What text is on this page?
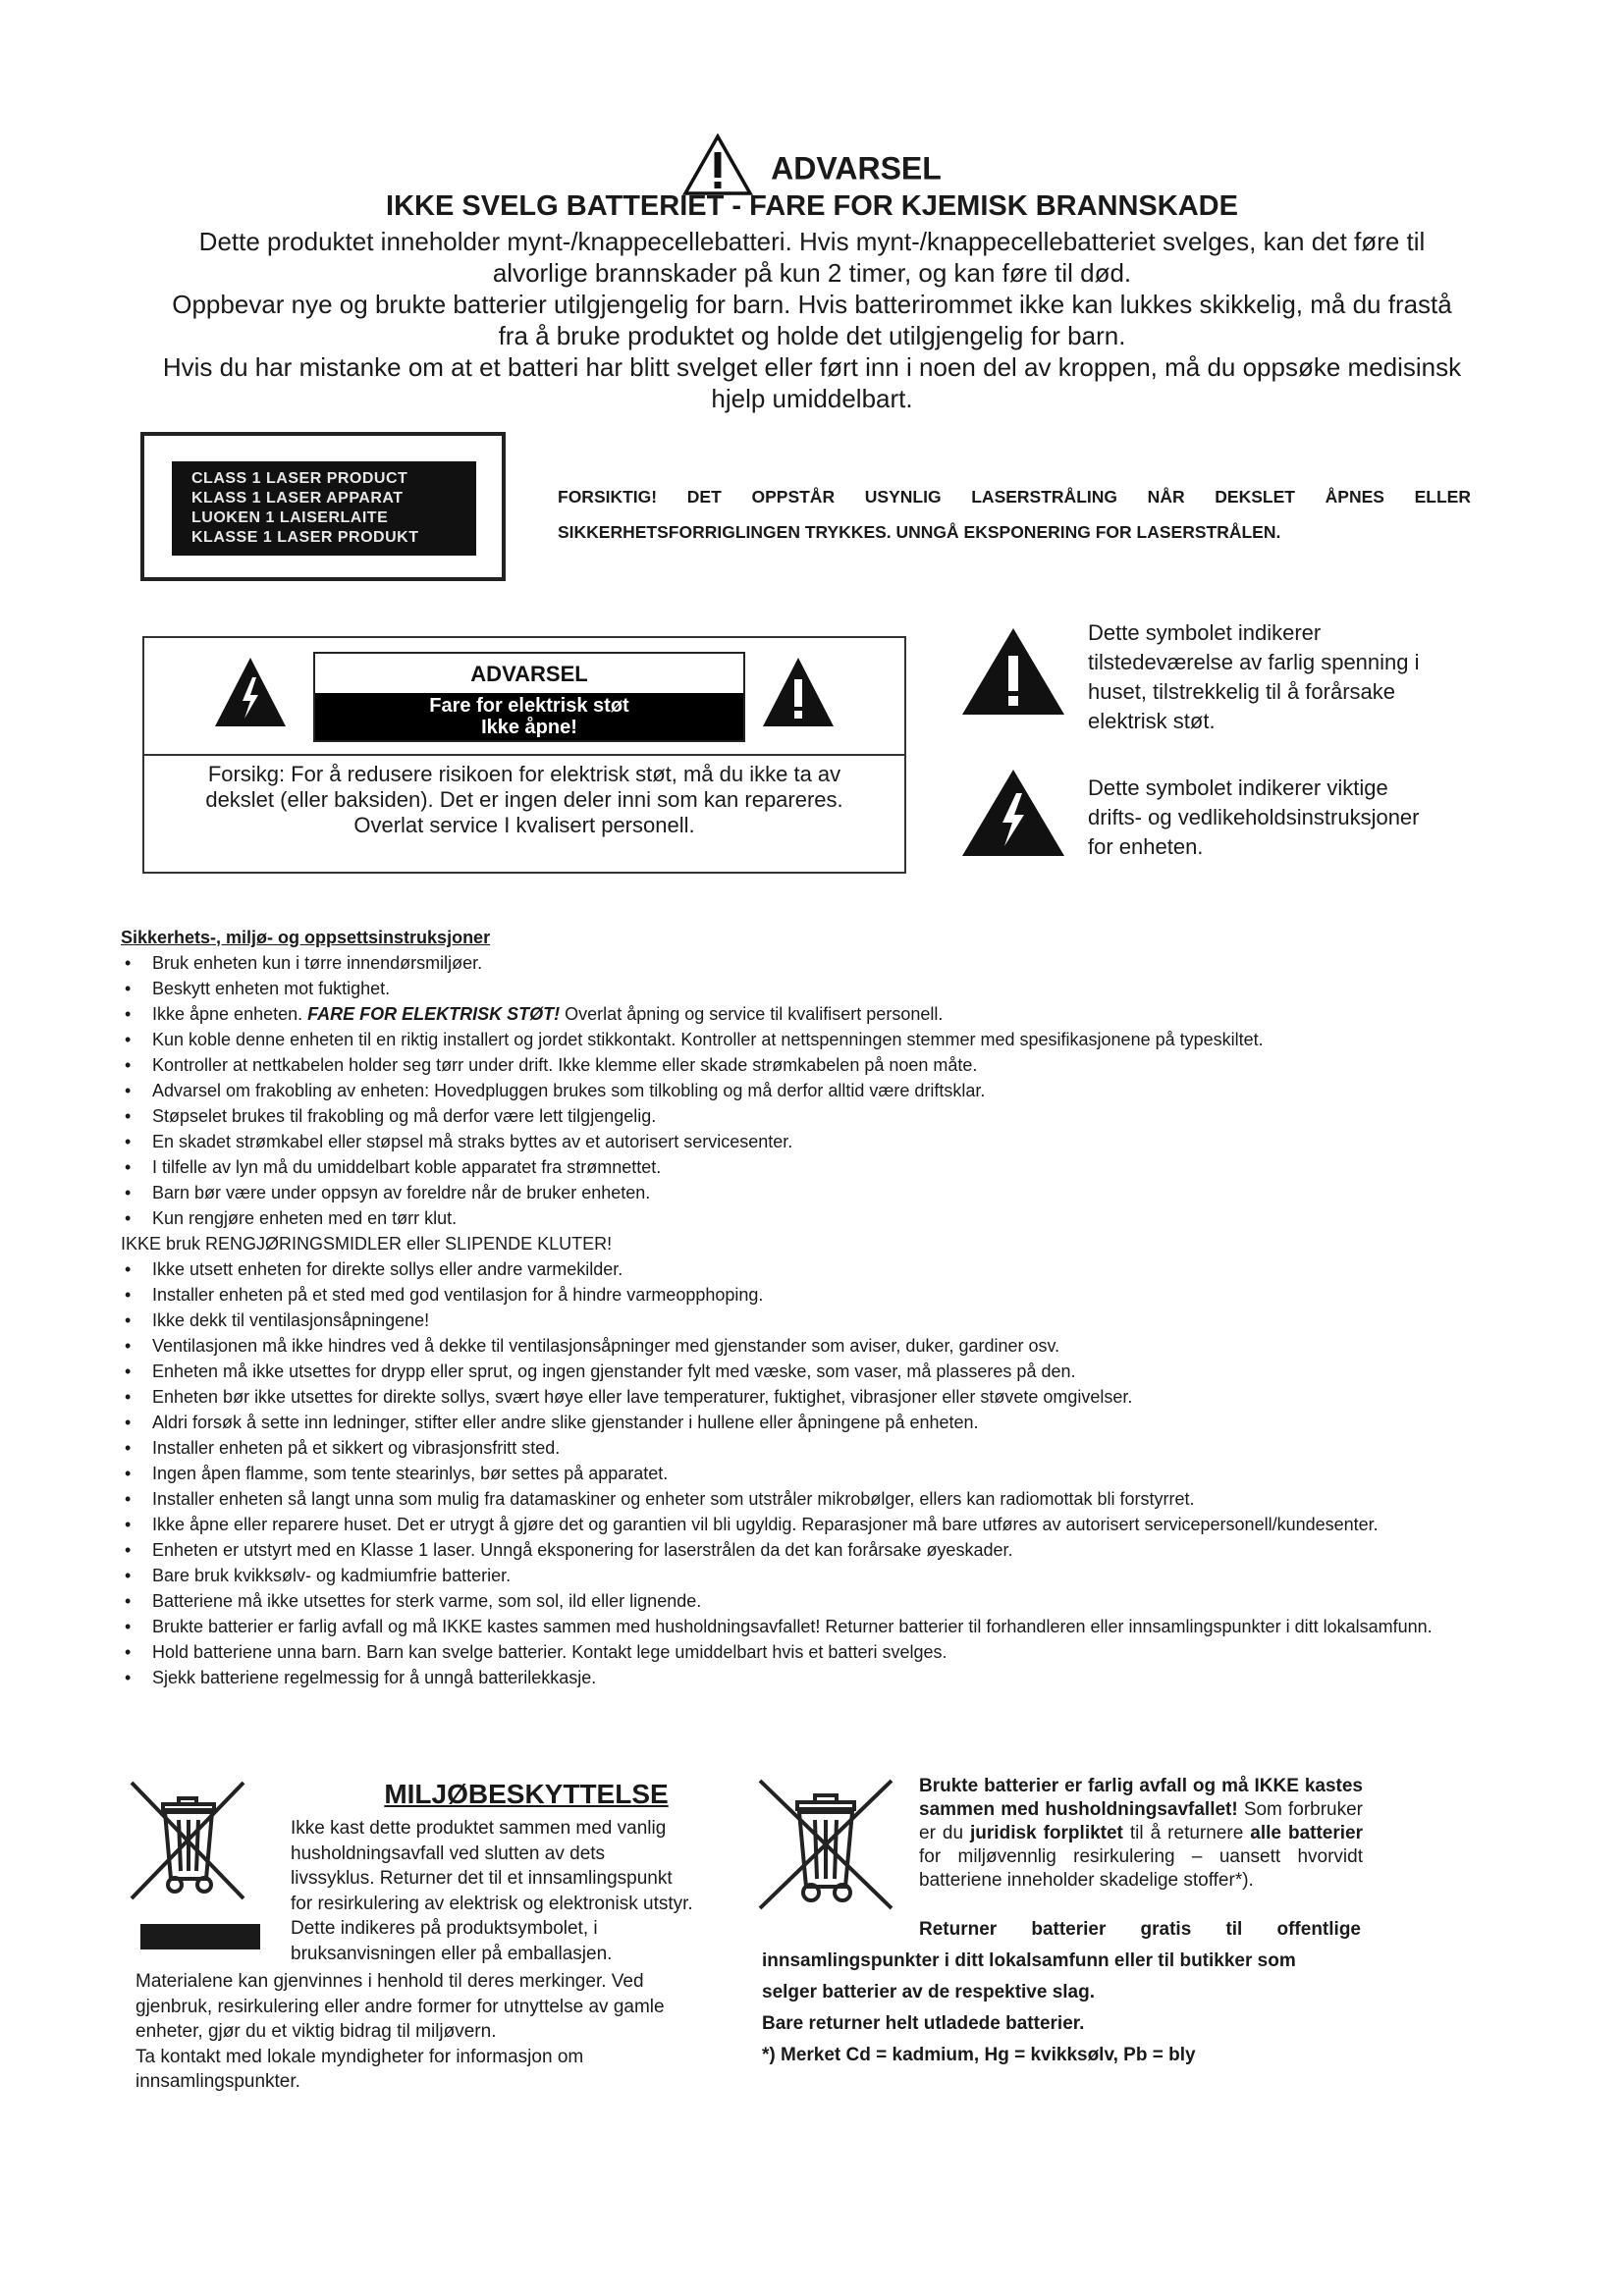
ADVARSEL
IKKE SVELG BATTERIET - FARE FOR KJEMISK BRANNSKADE
Dette produktet inneholder mynt-/knappecellebatteri. Hvis mynt-/knappecellebatteriet svelges, kan det føre til
alvorlige brannskader på kun 2 timer, og kan føre til død.
Oppbevar nye og brukte batterier utilgjengelig for barn. Hvis batterirommet ikke kan lukkes skikkelig, må du frastå
fra å bruke produktet og holde det utilgjengelig for barn.
Hvis du har mistanke om at et batteri har blitt svelget eller ført inn i noen del av kroppen, må du oppsøke medisinsk
hjelp umiddelbart.
CLASS 1 LASER PRODUCT
KLASS 1 LASER APPARAT
LUOKEN 1 LAISERLAITE
KLASSE 1 LASER PRODUKT
FORSIKTIG! DET OPPSTÅR USYNLIG LASERSTRÅLING NÅR DEKSLET ÅPNES ELLER
SIKKERHETSFORRIGLINGEN TRYKKES. UNNGÅ EKSPONERING FOR LASERSTRÅLEN.
ADVARSEL
Fare for elektrisk støt
Ikke åpne!
Forsikg: For å redusere risikoen for elektrisk støt, må du ikke ta av
dekslet (eller baksiden). Det er ingen deler inni som kan repareres.
Overlat service I kvalisert personell.
Dette symbolet indikerer
tilstedeværelse av farlig spenning i
huset, tilstrekkelig til å forårsake
elektrisk støt.
Dette symbolet indikerer viktige
drifts- og vedlikeholdsinstruksjoner
for enheten.
Sikkerhets-, miljø- og oppsettsinstruksjoner
• Bruk enheten kun i tørre innendørsmiljøer.
• Beskytt enheten mot fuktighet.
• Ikke åpne enheten. FARE FOR ELEKTRISK STØT! Overlat åpning og service til kvalifisert personell.
• Kun koble denne enheten til en riktig installert og jordet stikkontakt. Kontroller at nettspenningen stemmer med spesifikasjonene på typeskiltet.
• Kontroller at nettkabelen holder seg tørr under drift. Ikke klemme eller skade strømkabelen på noen måte.
• Advarsel om frakobling av enheten: Hovedpluggen brukes som tilkobling og må derfor alltid være driftsklar.
• Støpselet brukes til frakobling og må derfor være lett tilgjengelig.
• En skadet strømkabel eller støpsel må straks byttes av et autorisert servicesenter.
• I tilfelle av lyn må du umiddelbart koble apparatet fra strømnettet.
• Barn bør være under oppsyn av foreldre når de bruker enheten.
• Kun rengjøre enheten med en tørr klut.
IKKE bruk RENGJØRINGSMIDLER eller SLIPENDE KLUTER!
• Ikke utsett enheten for direkte sollys eller andre varmekilder.
• Installer enheten på et sted med god ventilasjon for å hindre varmeopphoping.
• Ikke dekk til ventilasjonsåpningene!
• Ventilasjonen må ikke hindres ved å dekke til ventilasjonsåpninger med gjenstander som aviser, duker, gardiner osv.
• Enheten må ikke utsettes for drypp eller sprut, og ingen gjenstander fylt med væske, som vaser, må plasseres på den.
• Enheten bør ikke utsettes for direkte sollys, svært høye eller lave temperaturer, fuktighet, vibrasjoner eller støvete omgivelser.
• Aldri forsøk å sette inn ledninger, stifter eller andre slike gjenstander i hullene eller åpningene på enheten.
• Installer enheten på et sikkert og vibrasjonsfritt sted.
• Ingen åpen flamme, som tente stearinlys, bør settes på apparatet.
• Installer enheten så langt unna som mulig fra datamaskiner og enheter som utstråler mikrobølger, ellers kan radiomottak bli forstyrret.
• Ikke åpne eller reparere huset. Det er utrygt å gjøre det og garantien vil bli ugyldig. Reparasjoner må bare utføres av autorisert servicepersonell/kundesenter.
• Enheten er utstyrt med en Klasse 1 laser. Unngå eksponering for laserstrålen da det kan forårsake øyeskader.
• Bare bruk kvikksølv- og kadmiumfrie batterier.
• Batteriene må ikke utsettes for sterk varme, som sol, ild eller lignende.
• Brukte batterier er farlig avfall og må IKKE kastes sammen med husholdningsavfallet! Returner batterier til forhandleren eller innsamlingspunkter i ditt lokalsamfunn.
• Hold batteriene unna barn. Barn kan svelge batterier. Kontakt lege umiddelbart hvis et batteri svelges.
• Sjekk batteriene regelmessig for å unngå batterilekkasje.
MILJØBESKYTTELSE
Ikke kast dette produktet sammen med vanlig
husholdningsavfall ved slutten av dets
livssyklus. Returner det til et innsamlingspunkt
for resirkulering av elektrisk og elektronisk utstyr.
Dette indikeres på produktsymbolet, i
bruksanvisningen eller på emballasjen.
Materialene kan gjenvinnes i henhold til deres merkinger. Ved
gjenbruk, resirkulering eller andre former for utnyttelse av gamle
enheter, gjør du et viktig bidrag til miljøvern.
Ta kontakt med lokale myndigheter for informasjon om
innsamlingspunkter.
Brukte batterier er farlig avfall og må IKKE kastes sammen med husholdningsavfallet! Som forbruker er du juridisk forpliktet til å returnere alle batterier for miljøvennlig resirkulering – uansett hvorvidt batteriene inneholder skadelige stoffer*).
Returner batterier gratis til offentlige
innsamlingspunkter i ditt lokalsamfunn eller til butikker som
selger batterier av de respektive slag.
Bare returner helt utladede batterier.
*) Merket Cd = kadmium, Hg = kvikksølv, Pb = bly
